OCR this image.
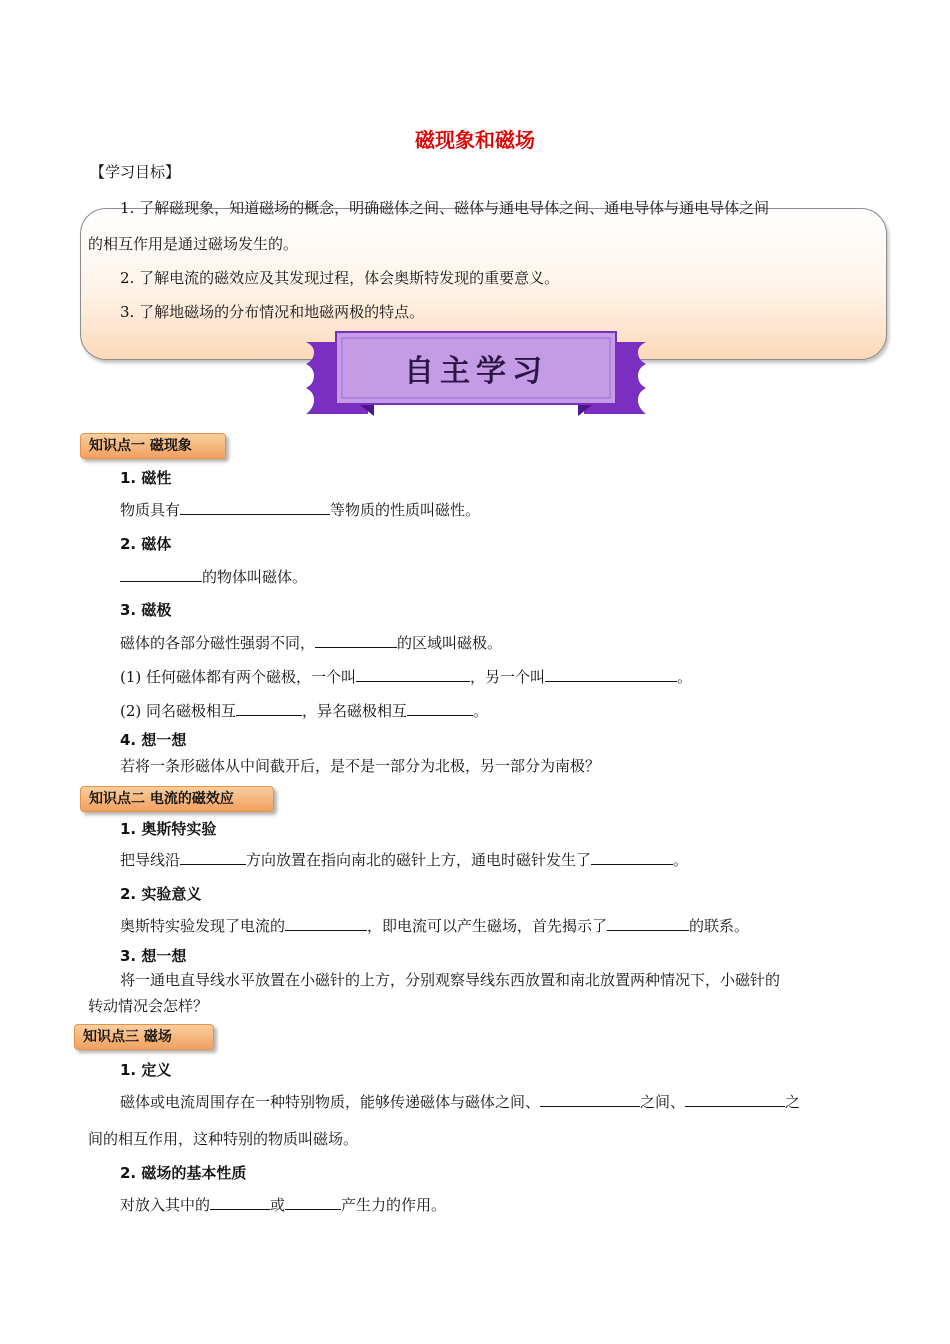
磁现象和磁场
【学习目标】
1. 了解磁现象，知道磁场的概念，明确磁体之间、磁体与通电导体之间、通电导体与通电导体之间
的相互作用是通过磁场发生的。
2. 了解电流的磁效应及其发现过程，体会奥斯特发现的重要意义。
3. 了解地磁场的分布情况和地磁两极的特点。
自主学习
知识点一 磁现象
1. 磁性
物质具有	等物质的性质叫磁性。
2. 磁体
的物体叫磁体。
3. 磁极
磁体的各部分磁性强弱不同，	的区域叫磁极。
(1) 任何磁体都有两个磁极，一个叫	，另一个叫	。
(2) 同名磁极相互	，异名磁极相互	。
4. 想一想
若将一条形磁体从中间截开后，是不是一部分为北极，另一部分为南极？
知识点二 电流的磁效应
1. 奥斯特实验
把导线沿	方向放置在指向南北的磁针上方，通电时磁针发生了	。
2. 实验意义
奥斯特实验发现了电流的	，即电流可以产生磁场，首先揭示了	的联系。
3. 想一想
将一通电直导线水平放置在小磁针的上方，分别观察导线东西放置和南北放置两种情况下，小磁针的
转动情况会怎样？
知识点三 磁场
1. 定义
磁体或电流周围存在一种特别物质，能够传递磁体与磁体之间、	之间、	之
间的相互作用，这种特别的物质叫磁场。
2. 磁场的基本性质
对放入其中的	或	产生力的作用。
